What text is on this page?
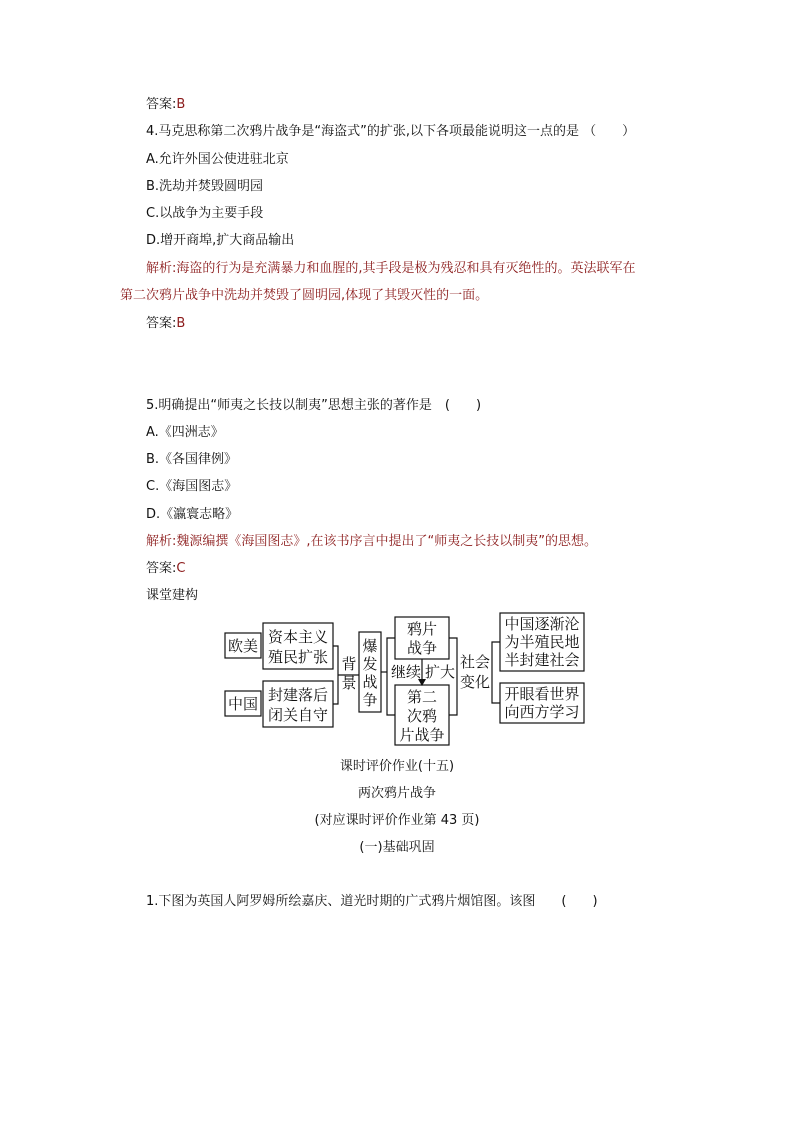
答案:B
4.马克思称第二次鸦片战争是“海盗式”的扩张,以下各项最能说明这一点的是 （　　）
A.允许外国公使进驻北京
B.洗劫并焚毁圆明园
C.以战争为主要手段
D.增开商埠,扩大商品输出
解析:海盗的行为是充满暴力和血腥的,其手段是极为残忍和具有灭绝性的。英法联军在
第二次鸦片战争中洗劫并焚毁了圆明园,体现了其毁灭性的一面。
答案:B
5.明确提出“师夷之长技以制夷”思想主张的著作是　(　　)
A.《四洲志》
B.《各国律例》
C.《海国图志》
D.《瀛寰志略》
解析:魏源编撰《海国图志》,在该书序言中提出了“师夷之长技以制夷”的思想。
答案:C
课堂建构
欧美
中国
资本主义
殖民扩张
封建落后
闭关自守
背
景
爆
发
战
争
鸦片
战争
继续 扩大
第二
次鸦
片战争
社会
变化
中国逐渐沦
为半殖民地
半封建社会
开眼看世界
向西方学习
课时评价作业(十五)
两次鸦片战争
(对应课时评价作业第 43 页)
(一)基础巩固
1.下图为英国人阿罗姆所绘嘉庆、道光时期的广式鸦片烟馆图。该图　　(　　)
